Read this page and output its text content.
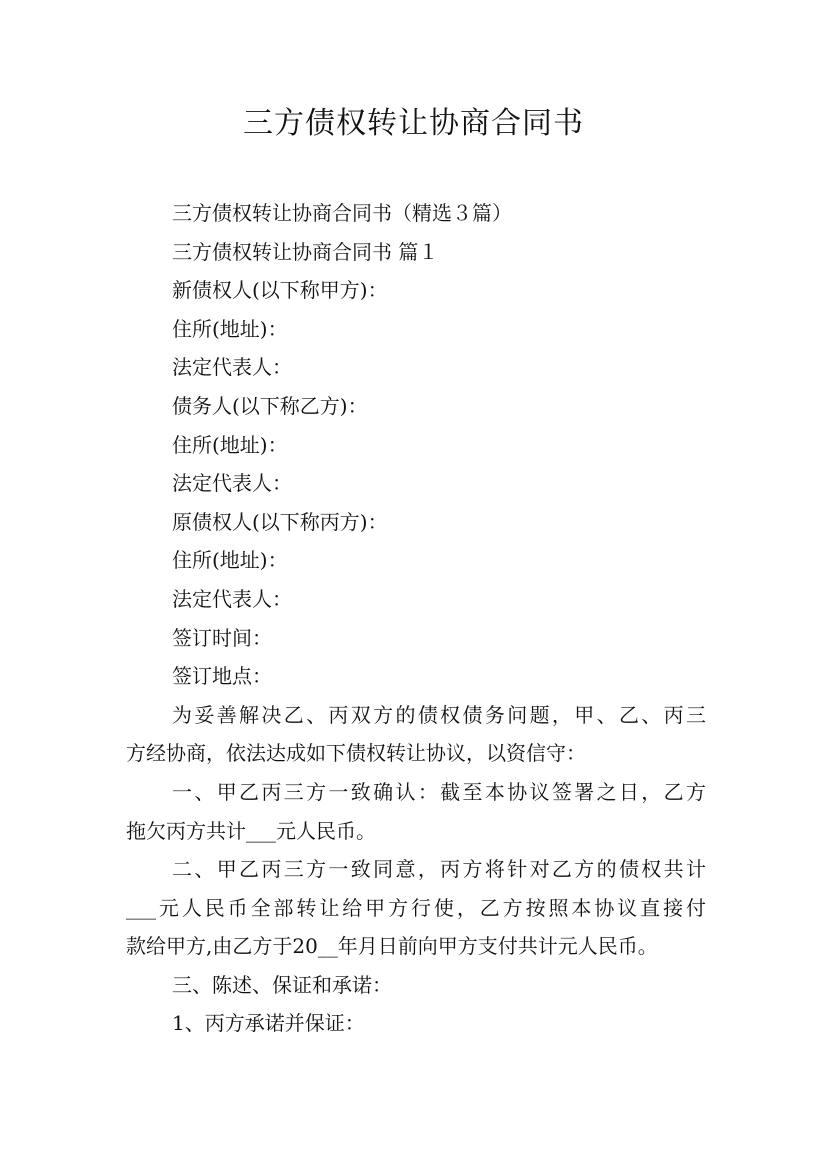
三方债权转让协商合同书
三方债权转让协商合同书（精选３篇）
三方债权转让协商合同书 篇１
新债权人(以下称甲方)：
住所(地址)：
法定代表人：
债务人(以下称乙方)：
住所(地址)：
法定代表人：
原债权人(以下称丙方)：
住所(地址)：
法定代表人：
签订时间：
签订地点：
为妥善解决乙、丙双方的债权债务问题，甲、乙、丙三
方经协商，依法达成如下债权转让协议，以资信守：
一、甲乙丙三方一致确认：截至本协议签署之日，乙方
拖欠丙方共计___元人民币。
二、甲乙丙三方一致同意，丙方将针对乙方的债权共计
___元人民币全部转让给甲方行使，乙方按照本协议直接付
款给甲方,由乙方于20__年月日前向甲方支付共计元人民币。
三、陈述、保证和承诺：
1、丙方承诺并保证：
